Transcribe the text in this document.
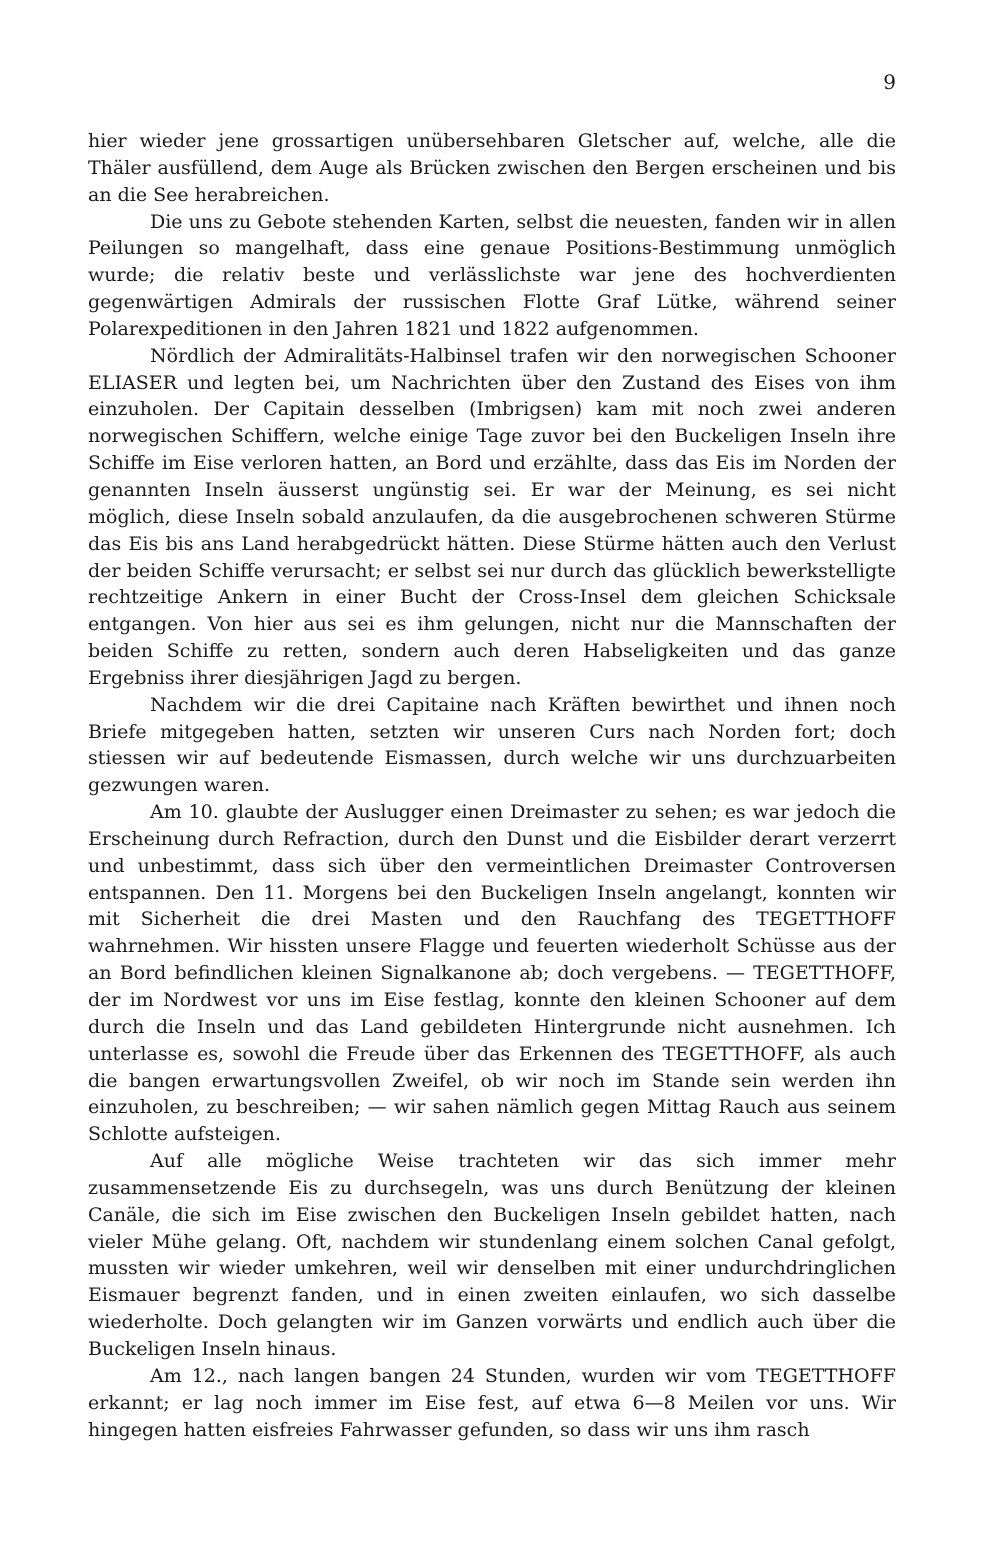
9

hier wieder jene grossartigen unübersehbaren Gletscher auf, welche, alle die Thäler ausfüllend, dem Auge als Brücken zwischen den Bergen erscheinen und bis an die See herabreichen.

Die uns zu Gebote stehenden Karten, selbst die neuesten, fanden wir in allen Peilungen so mangelhaft, dass eine genaue Positions-Bestimmung unmöglich wurde; die relativ beste und verlässlichste war jene des hochverdienten gegenwärtigen Admirals der russischen Flotte Graf Lütke, während seiner Polarexpeditionen in den Jahren 1821 und 1822 aufgenommen.

Nördlich der Admiralitäts-Halbinsel trafen wir den norwegischen Schooner ELIASER und legten bei, um Nachrichten über den Zustand des Eises von ihm einzuholen. Der Capitain desselben (Imbrigsen) kam mit noch zwei anderen norwegischen Schiffern, welche einige Tage zuvor bei den Buckeligen Inseln ihre Schiffe im Eise verloren hatten, an Bord und erzählte, dass das Eis im Norden der genannten Inseln äusserst ungünstig sei. Er war der Meinung, es sei nicht möglich, diese Inseln sobald anzulaufen, da die ausgebrochenen schweren Stürme das Eis bis ans Land herabgedrückt hätten. Diese Stürme hätten auch den Verlust der beiden Schiffe verursacht; er selbst sei nur durch das glücklich bewerkstelligte rechtzeitige Ankern in einer Bucht der Cross-Insel dem gleichen Schicksale entgangen. Von hier aus sei es ihm gelungen, nicht nur die Mannschaften der beiden Schiffe zu retten, sondern auch deren Habseligkeiten und das ganze Ergebniss ihrer diesjährigen Jagd zu bergen.

Nachdem wir die drei Capitaine nach Kräften bewirthet und ihnen noch Briefe mitgegeben hatten, setzten wir unseren Curs nach Norden fort; doch stiessen wir auf bedeutende Eismassen, durch welche wir uns durchzuarbeiten gezwungen waren.

Am 10. glaubte der Auslugger einen Dreimaster zu sehen; es war jedoch die Erscheinung durch Refraction, durch den Dunst und die Eisbilder derart verzerrt und unbestimmt, dass sich über den vermeintlichen Dreimaster Controversen entspannen. Den 11. Morgens bei den Buckeligen Inseln angelangt, konnten wir mit Sicherheit die drei Masten und den Rauchfang des TEGETTHOFF wahrnehmen. Wir hissten unsere Flagge und feuerten wiederholt Schüsse aus der an Bord befindlichen kleinen Signalkanone ab; doch vergebens. — TEGETTHOFF, der im Nordwest vor uns im Eise festlag, konnte den kleinen Schooner auf dem durch die Inseln und das Land gebildeten Hintergrunde nicht ausnehmen. Ich unterlasse es, sowohl die Freude über das Erkennen des TEGETTHOFF, als auch die bangen erwartungsvollen Zweifel, ob wir noch im Stande sein werden ihn einzuholen, zu beschreiben; — wir sahen nämlich gegen Mittag Rauch aus seinem Schlotte aufsteigen.

Auf alle mögliche Weise trachteten wir das sich immer mehr zusammensetzende Eis zu durchsegeln, was uns durch Benützung der kleinen Canäle, die sich im Eise zwischen den Buckeligen Inseln gebildet hatten, nach vieler Mühe gelang. Oft, nachdem wir stundenlang einem solchen Canal gefolgt, mussten wir wieder umkehren, weil wir denselben mit einer undurchdringlichen Eismauer begrenzt fanden, und in einen zweiten einlaufen, wo sich dasselbe wiederholte. Doch gelangten wir im Ganzen vorwärts und endlich auch über die Buckeligen Inseln hinaus.

Am 12., nach langen bangen 24 Stunden, wurden wir vom TEGETTHOFF erkannt; er lag noch immer im Eise fest, auf etwa 6—8 Meilen vor uns. Wir hingegen hatten eisfreies Fahrwasser gefunden, so dass wir uns ihm rasch
